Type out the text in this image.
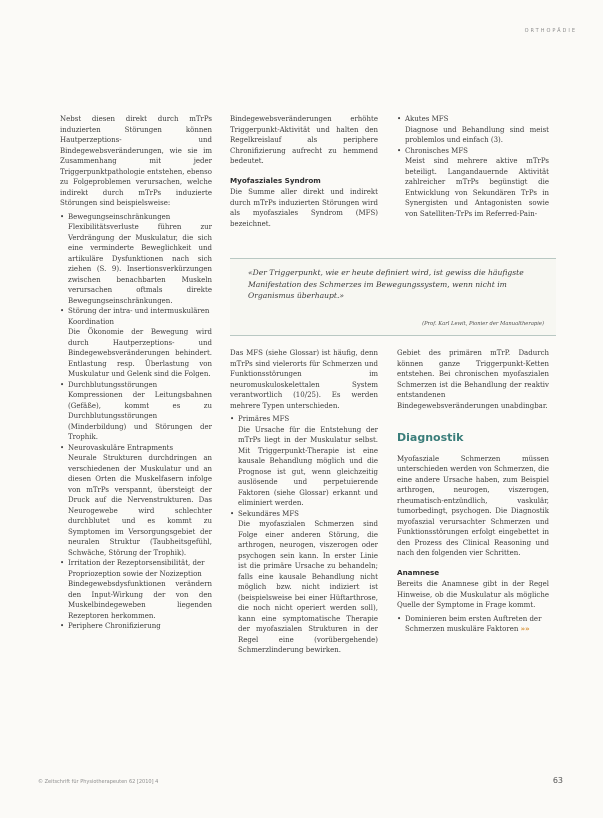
ORTHOPÄDIE

Nebst diesen direkt durch mTrPs induzierten Störungen können Hautperzeptions- und Bindegewebsveränderungen, wie sie im Zusammenhang mit jeder Triggerpunktpathologie entstehen, ebenso zu Folgeproblemen verursachen, welche indirekt durch mTrPs induzierte Störungen sind beispielsweise:

• Bewegungseinschränkungen
Flexibilitätsverluste führen zur Verdrängung der Muskulatur, die sich eine verminderte Beweglichkeit und artikuläre Dysfunktionen nach sich ziehen (S. 9). Insertionsverkürzungen zwischen benachbarten Muskeln verursachen oftmals direkte Bewegungseinschränkungen.
• Störung der intra- und intermuskulären Koordination
Die Ökonomie der Bewegung wird durch Hautperzeptions- und Bindegewebsveränderungen behindert. Entlastung resp. Überlastung von Muskulatur und Gelenk sind die Folgen.
• Durchblutungsstörungen
Kompressionen der Leitungsbahnen (Gefäße), kommt es zu Durchblutungsstörungen (Minderbildung) und Störungen der Trophik.
• Neurovaskuläre Entrapments
Neurale Strukturen durchdringen an verschiedenen der Muskulatur und an diesen Orten die Muskelfasern infolge von mTrPs verspannt, übersteigt der Druck auf die Nervenstrukturen. Das Neurogewebe wird schlechter durchblutet und es kommt zu Symptomen im Versorgungsgebiet der neuralen Struktur (Taubheitsgefühl, Schwäche, Störung der Trophik).
• Irritation der Rezeptorsensibilität, der Propriozeption sowie der Nozizeption
Bindegewebsdysfunktionen verändern den Input-Wirkung der von den Muskelbindegeweben liegenden Rezeptoren herkommen.
• Periphere Chronifizierung

Bindegewebsveränderungen erhöhte Triggerpunkt-Aktivität und halten den Regelkreislauf als periphere Chronifizierung aufrecht zu hemmend bedeutet.

Myofasziales Syndrom

Die Summe aller direkt und indirekt durch mTrPs induzierten Störungen wird als myofasziales Syndrom (MFS) bezeichnet.

• Akutes MFS
Diagnose und Behandlung sind meist problemlos und einfach (3).
• Chronisches MFS
Meist sind mehrere aktive mTrPs beteiligt. Langandauernde Aktivität zahlreicher mTrPs begünstigt die Entwicklung von Sekundären TrPs in Synergisten und Antagonisten sowie von Satelliten-TrPs im Referred-Pain-
«Der Triggerpunkt, wie er heute definiert wird, ist gewiss die häufigste Manifestation des Schmerzes im Bewegungssystem, wenn nicht im Organismus überhaupt.»
(Prof. Karl Lewit, Pionier der Manualtherapie)

Das MFS (siehe Glossar) ist häufig, denn mTrPs sind vielerorts für Schmerzen und Funktionsstörungen im neuromuskuloskelettalen System verantwortlich (10/25). Es werden mehrere Typen unterschieden.

• Primäres MFS
Die Ursache für die Entstehung der mTrPs liegt in der Muskulatur selbst. Mit Triggerpunkt-Therapie ist eine kausale Behandlung möglich und die Prognose ist gut, wenn gleichzeitig auslösende und perpetuierende Faktoren (siehe Glossar) erkannt und eliminiert werden.
• Sekundäres MFS
Die myofaszialen Schmerzen sind Folge einer anderen Störung, die arthrogen, neurogen, viszerogen oder psychogen sein kann. In erster Linie ist die primäre Ursache zu behandeln; falls eine kausale Behandlung nicht möglich bzw. nicht indiziert ist (beispielsweise bei einer Hüftarthrose, die noch nicht operiert werden soll), kann eine symptomatische Therapie der myofaszialen Strukturen in der Regel eine (vorübergehende) Schmerzlinderung bewirken.

Gebiet des primären mTrP. Dadurch können ganze Triggerpunkt-Ketten entstehen. Bei chronischen myofaszialen Schmerzen ist die Behandlung der reaktiv entstandenen Bindegewebsveränderungen unabdingbar.

Diagnostik

Myofasziale Schmerzen müssen unterschieden werden von Schmerzen, die eine andere Ursache haben, zum Beispiel arthrogen, neurogen, viszerogen, rheumatisch-entzündlich, vaskulär, tumorbedingt, psychogen. Die Diagnostik myofaszial verursachter Schmerzen und Funktionsstörungen erfolgt eingebettet in den Prozess des Clinical Reasoning und nach den folgenden vier Schritten.

Anamnese

Bereits die Anamnese gibt in der Regel Hinweise, ob die Muskulatur als mögliche Quelle der Symptome in Frage kommt.

• Dominieren beim ersten Auftreten der Schmerzen muskuläre Faktoren »»
© Zeitschrift für Physiotherapeuten 62 [2010] 4	63
